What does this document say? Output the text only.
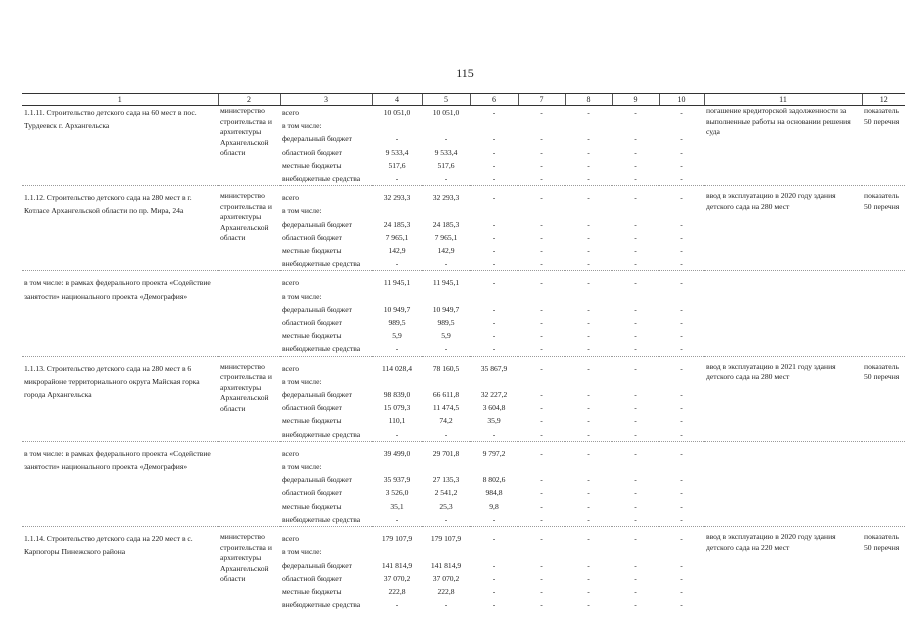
115
1	2	3	4	5	6	7	8	9	10	11	12
1.1.11. Строительство детского сада на 60 мест в пос. Турдеевск г. Архангельска	министерство строительства и архитектуры Архангельской области	всего	10 051,0	10 051,0	-	-	-	-	-	погашение кредиторской задолженности за выполненные работы на основании решения суда	показатель 50 перечня
		в том числе:									
		федеральный бюджет	-	-	-	-	-	-	-		
		областной бюджет	9 533,4	9 533,4	-	-	-	-	-		
		местные бюджеты	517,6	517,6	-	-	-	-	-		
		внебюджетные средства	-	-	-	-	-	-	-		

1.1.12. Строительство детского сада на 280 мест в г. Котласе Архангельской области по пр. Мира, 24а	министерство строительства и архитектуры Архангельской области	всего	32 293,3	32 293,3	-	-	-	-	-	ввод в эксплуатацию в 2020 году здания детского сада на 280 мест	показатель 50 перечня
		в том числе:									
		федеральный бюджет	24 185,3	24 185,3	-	-	-	-	-		
		областной бюджет	7 965,1	7 965,1	-	-	-	-	-		
		местные бюджеты	142,9	142,9	-	-	-	-	-		
		внебюджетные средства	-	-	-	-	-	-	-		

в том числе: в рамках федерального проекта «Содействие занятости» национального проекта «Демография»		всего	11 945,1	11 945,1	-	-	-	-	-		
		в том числе:									
		федеральный бюджет	10 949,7	10 949,7	-	-	-	-	-		
		областной бюджет	989,5	989,5	-	-	-	-	-		
		местные бюджеты	5,9	5,9	-	-	-	-	-		
		внебюджетные средства	-	-	-	-	-	-	-		

1.1.13. Строительство детского сада на 280 мест в 6 микрорайоне территориального округа Майская горка города Архангельска	министерство строительства и архитектуры Архангельской области	всего	114 028,4	78 160,5	35 867,9	-	-	-	-	ввод в эксплуатацию в 2021 году здания детского сада на 280 мест	показатель 50 перечня
		в том числе:									
		федеральный бюджет	98 839,0	66 611,8	32 227,2	-	-	-	-		
		областной бюджет	15 079,3	11 474,5	3 604,8	-	-	-	-		
		местные бюджеты	110,1	74,2	35,9	-	-	-	-		
		внебюджетные средства	-	-	-	-	-	-	-		

в том числе: в рамках федерального проекта «Содействие занятости» национального проекта «Демография»		всего	39 499,0	29 701,8	9 797,2	-	-	-	-		
		в том числе:									
		федеральный бюджет	35 937,9	27 135,3	8 802,6	-	-	-	-		
		областной бюджет	3 526,0	2 541,2	984,8	-	-	-	-		
		местные бюджеты	35,1	25,3	9,8	-	-	-	-		
		внебюджетные средства	-	-	-	-	-	-	-		

1.1.14. Строительство детского сада на 220 мест в с. Карпогоры Пинежского района	министерство строительства и архитектуры Архангельской области	всего	179 107,9	179 107,9	-	-	-	-	-	ввод в эксплуатацию в 2020 году здания детского сада на 220 мест	показатель 50 перечня
		в том числе:									
		федеральный бюджет	141 814,9	141 814,9	-	-	-	-	-		
		областной бюджет	37 070,2	37 070,2	-	-	-	-	-		
		местные бюджеты	222,8	222,8	-	-	-	-	-		
		внебюджетные средства	-	-	-	-	-	-	-		
